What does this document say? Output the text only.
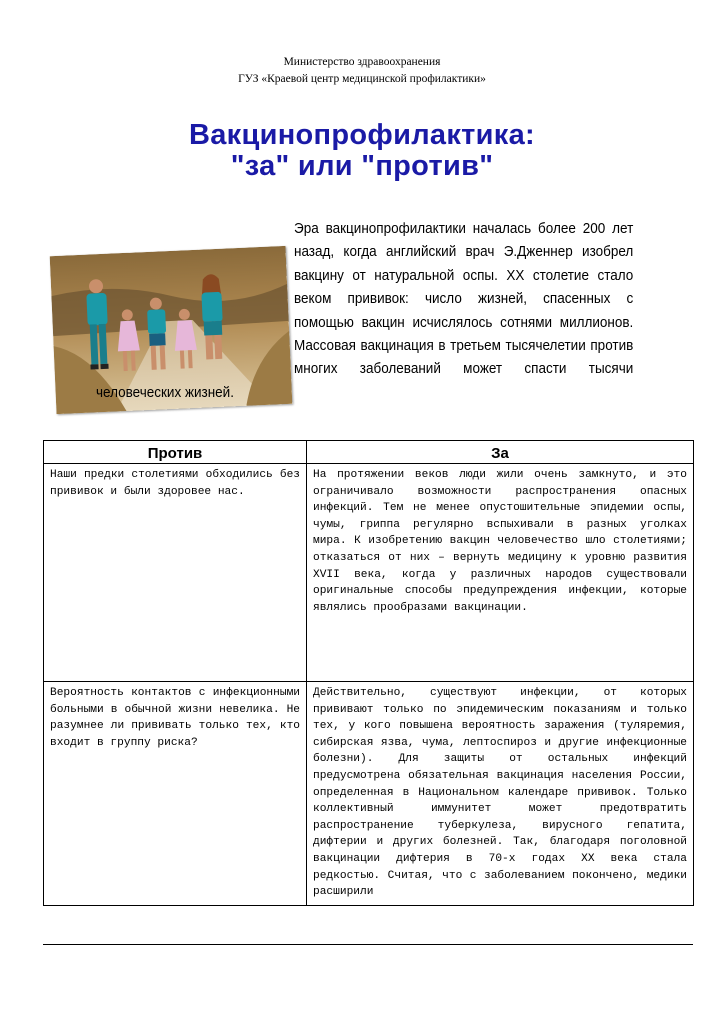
Министерство здравоохранения
ГУЗ «Краевой центр медицинской профилактики»
Вакцинопрофилактика:
"за" или "против"
Эра вакцинопрофилактики началась более 200 лет назад, когда английский врач Э.Дженнер изобрел вакцину от натуральной оспы. XX столетие стало веком прививок: число жизней, спасенных с помощью вакцин исчислялось сотнями миллионов. Массовая вакцинация в третьем тысячелетии против многих заболеваний может спасти тысячи человеческих жизней.
Против	За
Наши предки столетиями обходились без прививок и были здоровее нас.	На протяжении веков люди жили очень замкнуто, и это ограничивало возможности распространения опасных инфекций. Тем не менее опустошительные эпидемии оспы, чумы, гриппа регулярно вспыхивали в разных уголках мира. К изобретению вакцин человечество шло столетиями; отказаться от них – вернуть медицину к уровню развития XVII века, когда у различных народов существовали оригинальные способы предупреждения инфекции, которые являлись прообразами вакцинации.
Вероятность контактов с инфекционными больными в обычной жизни невелика. Не разумнее ли прививать только тех, кто входит в группу риска?	Действительно, существуют инфекции, от которых прививают только по эпидемическим показаниям и только тех, у кого повышена вероятность заражения (туляремия, сибирская язва, чума, лептоспироз и другие инфекционные болезни). Для защиты от остальных инфекций предусмотрена обязательная вакцинация населения России, определенная в Национальном календаре прививок. Только коллективный иммунитет может предотвратить распространение туберкулеза, вирусного гепатита, дифтерии и других болезней. Так, благодаря поголовной вакцинации дифтерия в 70-х годах XX века стала редкостью. Считая, что с заболеванием покончено, медики расширили
